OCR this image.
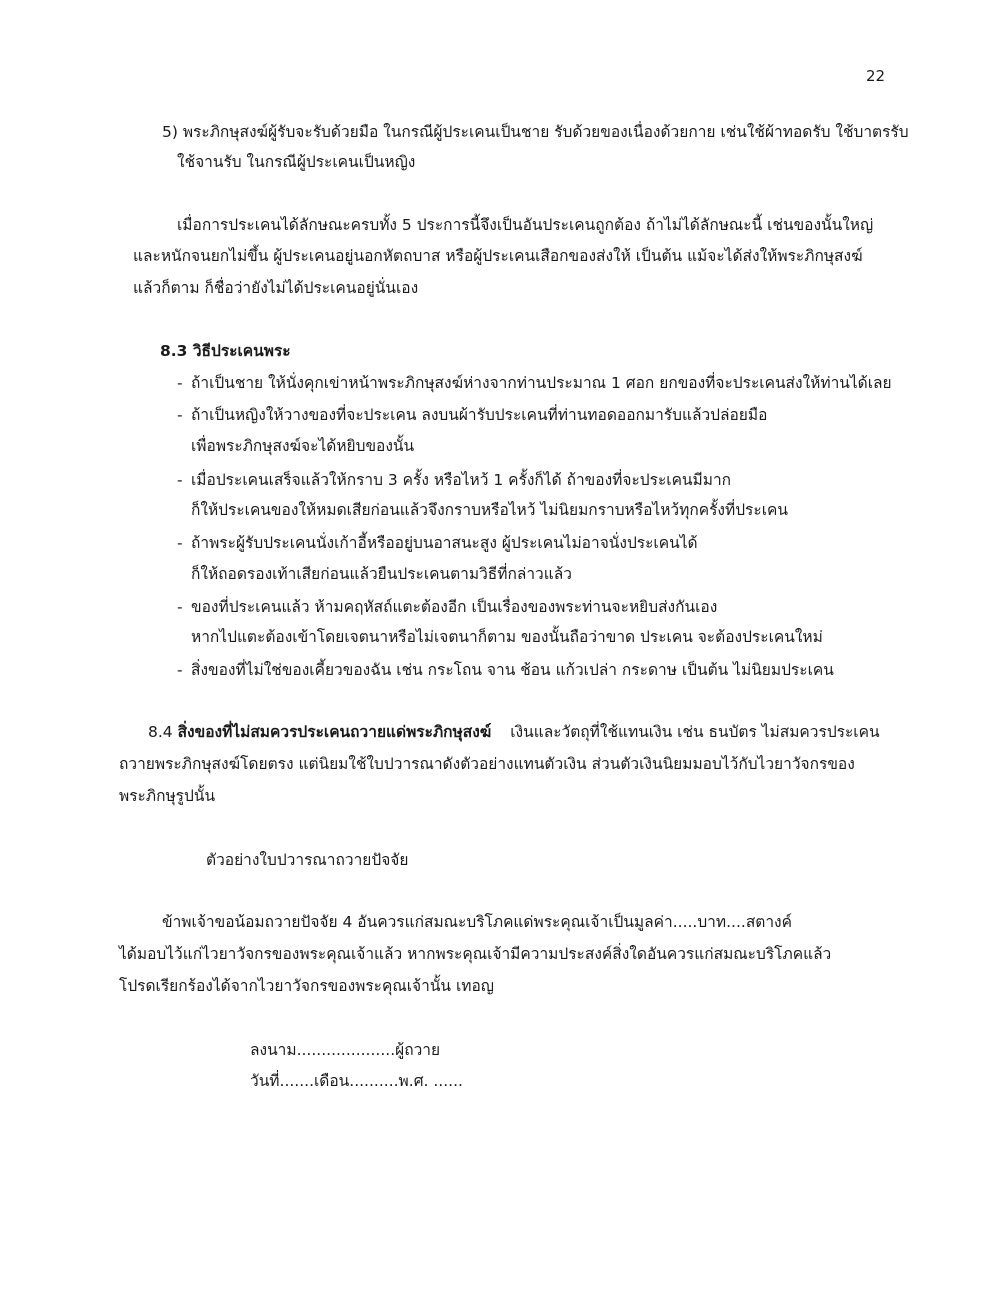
22
5) พระภิกษุสงฆ์ผู้รับจะรับด้วยมือ ในกรณีผู้ประเคนเป็นชาย รับด้วยของเนื่องด้วยกาย เช่นใช้ผ้าทอดรับ ใช้บาตรรับ
ใช้จานรับ ในกรณีผู้ประเคนเป็นหญิง
เมื่อการประเคนได้ลักษณะครบทั้ง 5 ประการนี้จึงเป็นอันประเคนถูกต้อง ถ้าไม่ได้ลักษณะนี้ เช่นของนั้นใหญ่
และหนักจนยกไม่ขึ้น ผู้ประเคนอยู่นอกหัตถบาส หรือผู้ประเคนเสือกของส่งให้ เป็นต้น แม้จะได้ส่งให้พระภิกษุสงฆ์
แล้วก็ตาม ก็ชื่อว่ายังไม่ได้ประเคนอยู่นั่นเอง
8.3 วิธีประเคนพระ
- ถ้าเป็นชาย ให้นั่งคุกเข่าหน้าพระภิกษุสงฆ์ห่างจากท่านประมาณ 1 ศอก ยกของที่จะประเคนส่งให้ท่านได้เลย
- ถ้าเป็นหญิงให้วางของที่จะประเคน ลงบนผ้ารับประเคนที่ท่านทอดออกมารับแล้วปล่อยมือ
เพื่อพระภิกษุสงฆ์จะได้หยิบของนั้น
- เมื่อประเคนเสร็จแล้วให้กราบ 3 ครั้ง หรือไหว้ 1 ครั้งก็ได้ ถ้าของที่จะประเคนมีมาก
ก็ให้ประเคนของให้หมดเสียก่อนแล้วจึงกราบหรือไหว้ ไม่นิยมกราบหรือไหว้ทุกครั้งที่ประเคน
- ถ้าพระผู้รับประเคนนั่งเก้าอี้หรืออยู่บนอาสนะสูง ผู้ประเคนไม่อาจนั่งประเคนได้
ก็ให้ถอดรองเท้าเสียก่อนแล้วยืนประเคนตามวิธีที่กล่าวแล้ว
- ของที่ประเคนแล้ว ห้ามคฤหัสถ์แตะต้องอีก เป็นเรื่องของพระท่านจะหยิบส่งกันเอง
หากไปแตะต้องเข้าโดยเจตนาหรือไม่เจตนาก็ตาม ของนั้นถือว่าขาด ประเคน จะต้องประเคนใหม่
- สิ่งของที่ไม่ใช่ของเคี้ยวของฉัน เช่น กระโถน จาน ช้อน แก้วเปล่า กระดาษ เป็นต้น ไม่นิยมประเคน
8.4 สิ่งของที่ไม่สมควรประเคนถวายแด่พระภิกษุสงฆ์ เงินและวัตถุที่ใช้แทนเงิน เช่น ธนบัตร ไม่สมควรประเคน
ถวายพระภิกษุสงฆ์โดยตรง แต่นิยมใช้ใบปวารณาดังตัวอย่างแทนตัวเงิน ส่วนตัวเงินนิยมมอบไว้กับไวยาวัจกรของ
พระภิกษุรูปนั้น
ตัวอย่างใบปวารณาถวายปัจจัย
ข้าพเจ้าขอน้อมถวายปัจจัย 4 อันควรแก่สมณะบริโภคแด่พระคุณเจ้าเป็นมูลค่า.....บาท....สตางค์
ได้มอบไว้แก่ไวยาวัจกรของพระคุณเจ้าแล้ว หากพระคุณเจ้ามีความประสงค์สิ่งใดอันควรแก่สมณะบริโภคแล้ว
โปรดเรียกร้องได้จากไวยาวัจกรของพระคุณเจ้านั้น เทอญ
ลงนาม....................ผู้ถวาย
วันที่.......เดือน..........พ.ศ. ......
